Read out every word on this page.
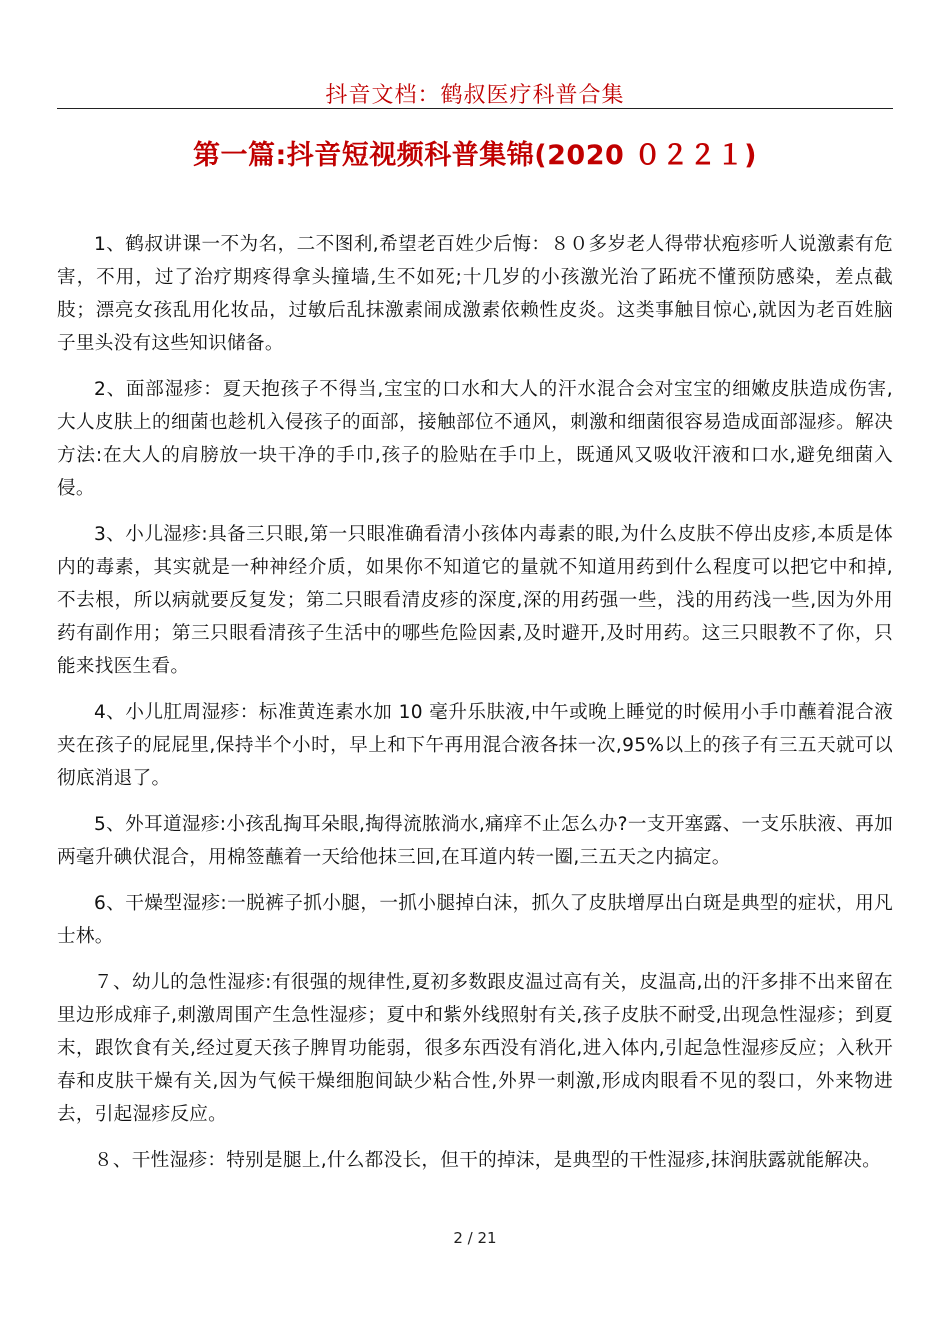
抖音文档：鹤叔医疗科普合集
第一篇:抖音短视频科普集锦(2020 ０２２１)

1、鹤叔讲课一不为名，二不图利,希望老百姓少后悔：８０多岁老人得带状疱疹听人说激素有危害，不用，过了治疗期疼得拿头撞墙,生不如死;十几岁的小孩激光治了跖疣不懂预防感染，差点截肢；漂亮女孩乱用化妆品，过敏后乱抹激素闹成激素依赖性皮炎。这类事触目惊心,就因为老百姓脑子里头没有这些知识储备。

2、面部湿疹：夏天抱孩子不得当,宝宝的口水和大人的汗水混合会对宝宝的细嫩皮肤造成伤害,大人皮肤上的细菌也趁机入侵孩子的面部，接触部位不通风，刺激和细菌很容易造成面部湿疹。解决方法:在大人的肩膀放一块干净的手巾,孩子的脸贴在手巾上，既通风又吸收汗液和口水,避免细菌入侵。

3、小儿湿疹:具备三只眼,第一只眼准确看清小孩体内毒素的眼,为什么皮肤不停出皮疹,本质是体内的毒素，其实就是一种神经介质，如果你不知道它的量就不知道用药到什么程度可以把它中和掉,不去根，所以病就要反复发；第二只眼看清皮疹的深度,深的用药强一些，浅的用药浅一些,因为外用药有副作用；第三只眼看清孩子生活中的哪些危险因素,及时避开,及时用药。这三只眼教不了你，只能来找医生看。

4、小儿肛周湿疹：标准黄连素水加 10 毫升乐肤液,中午或晚上睡觉的时候用小手巾蘸着混合液夹在孩子的屁屁里,保持半个小时，早上和下午再用混合液各抹一次,95%以上的孩子有三五天就可以彻底消退了。

5、外耳道湿疹:小孩乱掏耳朵眼,掏得流脓淌水,痛痒不止怎么办?一支开塞露、一支乐肤液、再加两毫升碘伏混合，用棉签蘸着一天给他抹三回,在耳道内转一圈,三五天之内搞定。

6、干燥型湿疹:一脱裤子抓小腿，一抓小腿掉白沫，抓久了皮肤增厚出白斑是典型的症状，用凡士林。

７、幼儿的急性湿疹:有很强的规律性,夏初多数跟皮温过高有关，皮温高,出的汗多排不出来留在里边形成痱子,刺激周围产生急性湿疹；夏中和紫外线照射有关,孩子皮肤不耐受,出现急性湿疹；到夏末，跟饮食有关,经过夏天孩子脾胃功能弱，很多东西没有消化,进入体内,引起急性湿疹反应；入秋开春和皮肤干燥有关,因为气候干燥细胞间缺少粘合性,外界一刺激,形成肉眼看不见的裂口，外来物进去，引起湿疹反应。

８、干性湿疹：特别是腿上,什么都没长，但干的掉沫，是典型的干性湿疹,抹润肤露就能解决。

2 / 21
